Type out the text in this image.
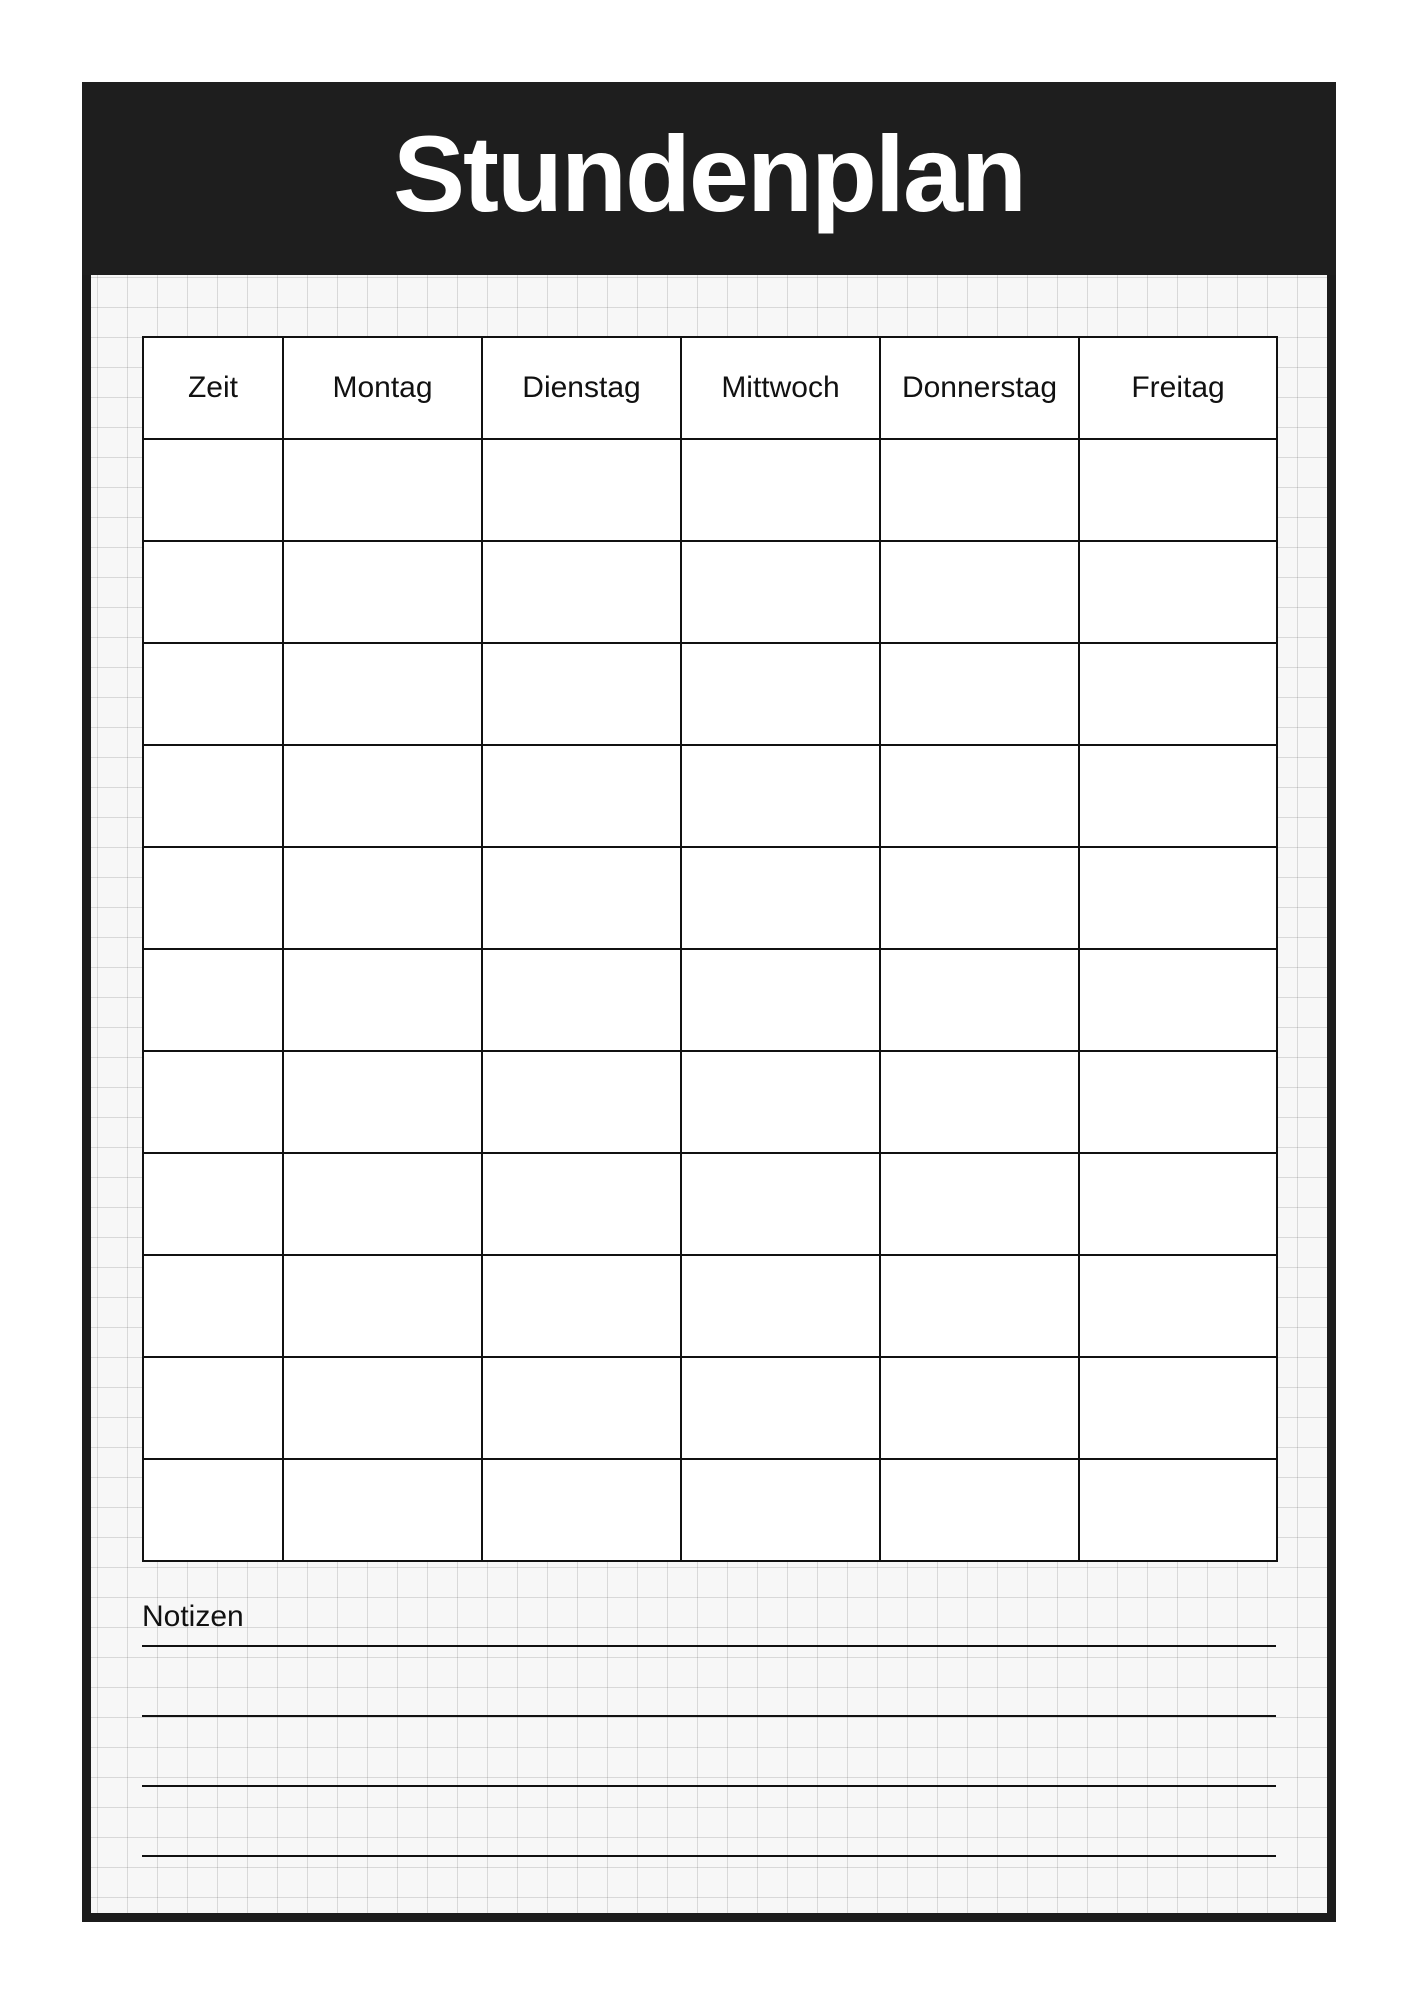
Stundenplan
Zeit	Montag	Dienstag	Mittwoch	Donnerstag	Freitag

Notizen
